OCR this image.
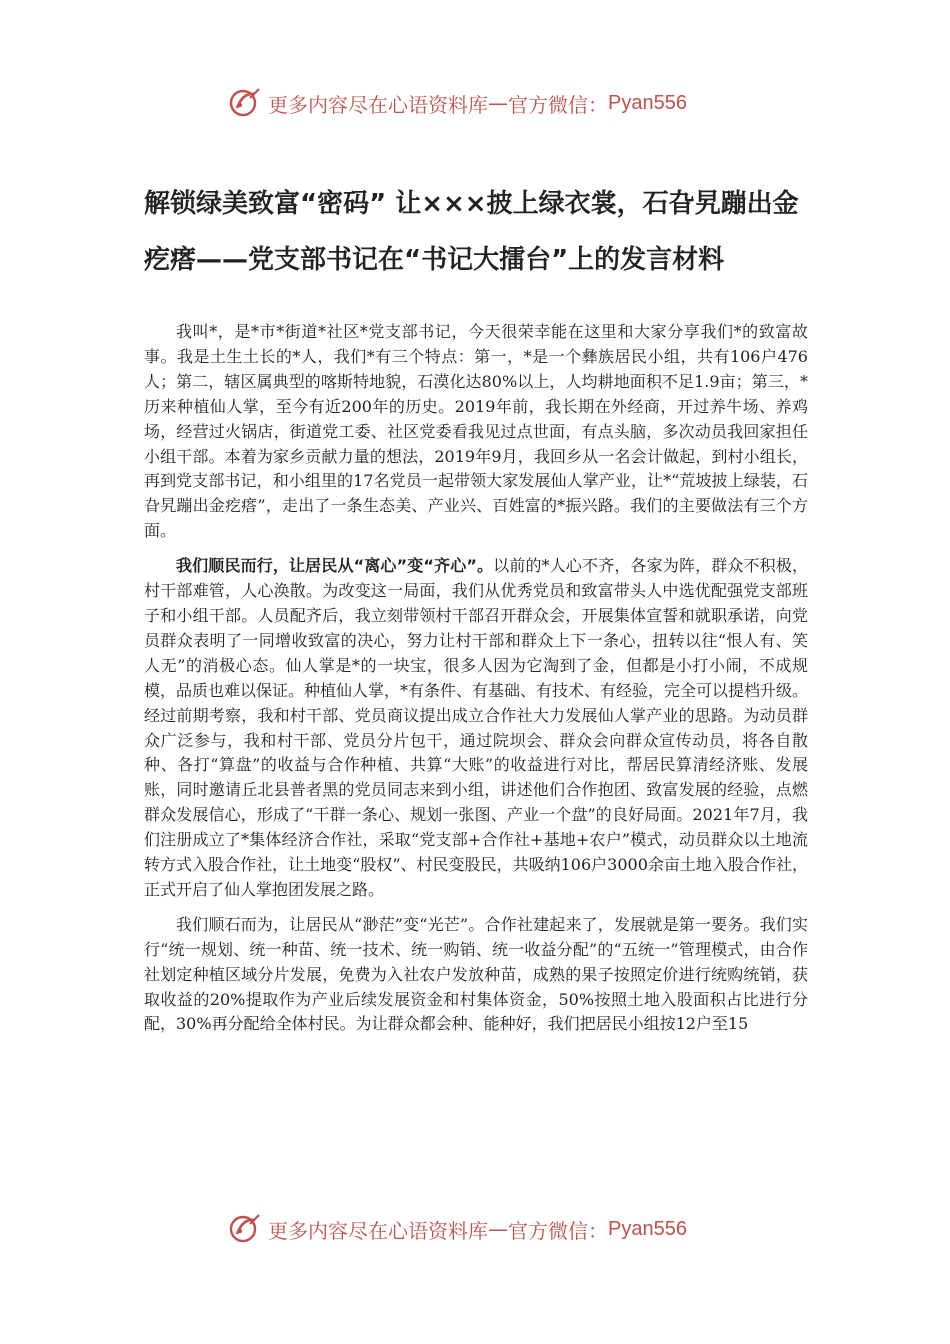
更多内容尽在心语资料库 — 官方微信： Pyan556
解锁绿美致富“密码” 让×××披上绿衣裳，石旮旯蹦出金疙瘩——党支部书记在“书记大擂台”上的发言材料

我叫*，是*市*街道*社区*党支部书记，今天很荣幸能在这里和大家分享我们*的致富故事。我是土生土长的*人，我们*有三个特点：第一，*是一个彝族居民小组，共有106户476人；第二，辖区属典型的喀斯特地貌，石漠化达80%以上，人均耕地面积不足1.9亩；第三，*历来种植仙人掌，至今有近200年的历史。2019年前，我长期在外经商，开过养牛场、养鸡场，经营过火锅店，街道党工委、社区党委看我见过点世面，有点头脑，多次动员我回家担任小组干部。本着为家乡贡献力量的想法，2019年9月，我回乡从一名会计做起，到村小组长，再到党支部书记，和小组里的17名党员一起带领大家发展仙人掌产业，让*“荒坡披上绿装，石旮旯蹦出金疙瘩”，走出了一条生态美、产业兴、百姓富的*振兴路。我们的主要做法有三个方面。

我们顺民而行，让居民从“离心”变“齐心”。以前的*人心不齐，各家为阵，群众不积极，村干部难管，人心涣散。为改变这一局面，我们从优秀党员和致富带头人中选优配强党支部班子和小组干部。人员配齐后，我立刻带领村干部召开群众会，开展集体宣誓和就职承诺，向党员群众表明了一同增收致富的决心，努力让村干部和群众上下一条心，扭转以往“恨人有、笑人无”的消极心态。仙人掌是*的一块宝，很多人因为它淘到了金，但都是小打小闹，不成规模，品质也难以保证。种植仙人掌，*有条件、有基础、有技术、有经验，完全可以提档升级。经过前期考察，我和村干部、党员商议提出成立合作社大力发展仙人掌产业的思路。为动员群众广泛参与，我和村干部、党员分片包干，通过院坝会、群众会向群众宣传动员，将各自散种、各打“算盘”的收益与合作种植、共算“大账”的收益进行对比，帮居民算清经济账、发展账，同时邀请丘北县普者黑的党员同志来到小组，讲述他们合作抱团、致富发展的经验，点燃群众发展信心，形成了“干群一条心、规划一张图、产业一个盘”的良好局面。2021年7月，我们注册成立了*集体经济合作社，采取“党支部+合作社+基地+农户”模式，动员群众以土地流转方式入股合作社，让土地变“股权”、村民变股民，共吸纳106户3000余亩土地入股合作社，正式开启了仙人掌抱团发展之路。

我们顺石而为，让居民从“渺茫”变“光芒”。合作社建起来了，发展就是第一要务。我们实行“统一规划、统一种苗、统一技术、统一购销、统一收益分配”的“五统一”管理模式，由合作社划定种植区域分片发展，免费为入社农户发放种苗，成熟的果子按照定价进行统购统销，获取收益的20%提取作为产业后续发展资金和村集体资金，50%按照土地入股面积占比进行分配，30%再分配给全体村民。为让群众都会种、能种好，我们把居民小组按12户至15

更多内容尽在心语资料库 — 官方微信： Pyan556
